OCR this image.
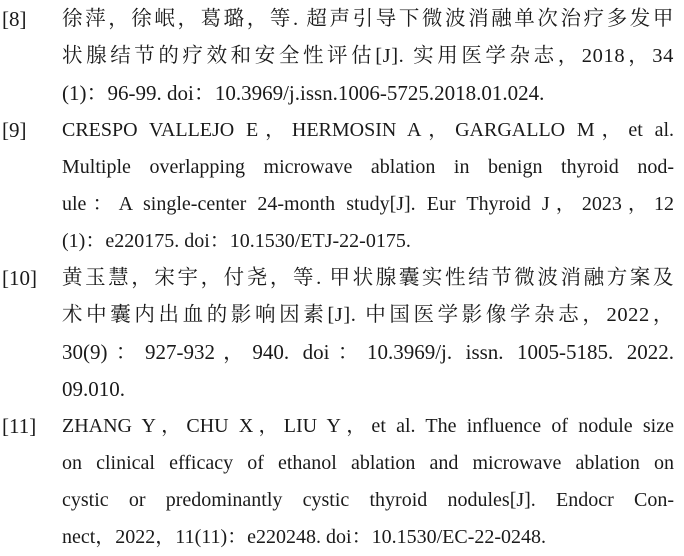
[8] 徐萍，徐岷，葛璐，等. 超声引导下微波消融单次治疗多发甲
状腺结节的疗效和安全性评估[J]. 实用医学杂志，2018，34
(1)：96-99. doi：10.3969/j.issn.1006-5725.2018.01.024.
[9] CRESPO VALLEJO E，HERMOSIN A，GARGALLO M，et al.
Multiple overlapping microwave ablation in benign thyroid nod-
ule：A single-center 24-month study[J]. Eur Thyroid J，2023，12
(1)：e220175. doi：10.1530/ETJ-22-0175.
[10] 黄玉慧，宋宇，付尧，等. 甲状腺囊实性结节微波消融方案及
术中囊内出血的影响因素[J]. 中国医学影像学杂志，2022，
30(9)：927-932，940. doi：10.3969/j. issn. 1005-5185. 2022.
09.010.
[11] ZHANG Y，CHU X，LIU Y，et al. The influence of nodule size
on clinical efficacy of ethanol ablation and microwave ablation on
cystic or predominantly cystic thyroid nodules[J]. Endocr Con-
nect，2022，11(11)：e220248. doi：10.1530/EC-22-0248.
